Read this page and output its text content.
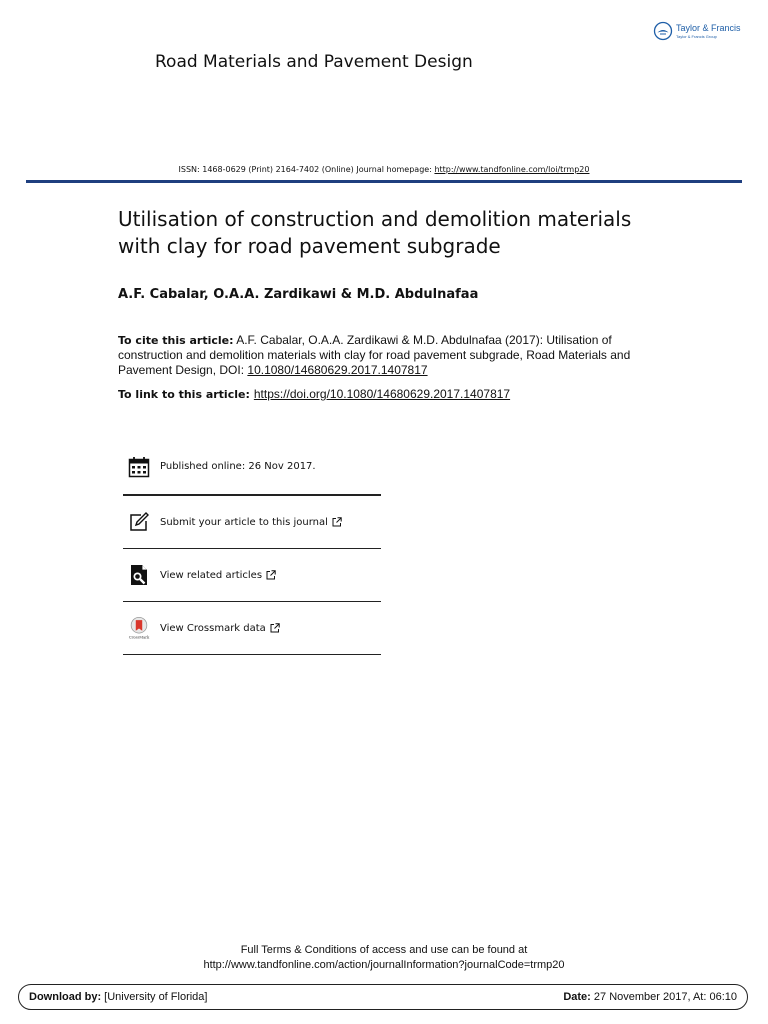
Taylor & Francis
Taylor & Francis Group
Road Materials and Pavement Design
ISSN: 1468-0629 (Print) 2164-7402 (Online) Journal homepage: http://www.tandfonline.com/loi/trmp20
Utilisation of construction and demolition materials with clay for road pavement subgrade
A.F. Cabalar, O.A.A. Zardikawi & M.D. Abdulnafaa
To cite this article: A.F. Cabalar, O.A.A. Zardikawi & M.D. Abdulnafaa (2017): Utilisation of construction and demolition materials with clay for road pavement subgrade, Road Materials and Pavement Design, DOI: 10.1080/14680629.2017.1407817
To link to this article: https://doi.org/10.1080/14680629.2017.1407817
Published online: 26 Nov 2017.
Submit your article to this journal
View related articles
CrossMark
View Crossmark data
Full Terms & Conditions of access and use can be found at
http://www.tandfonline.com/action/journalInformation?journalCode=trmp20
Download by: [University of Florida]	Date: 27 November 2017, At: 06:10
